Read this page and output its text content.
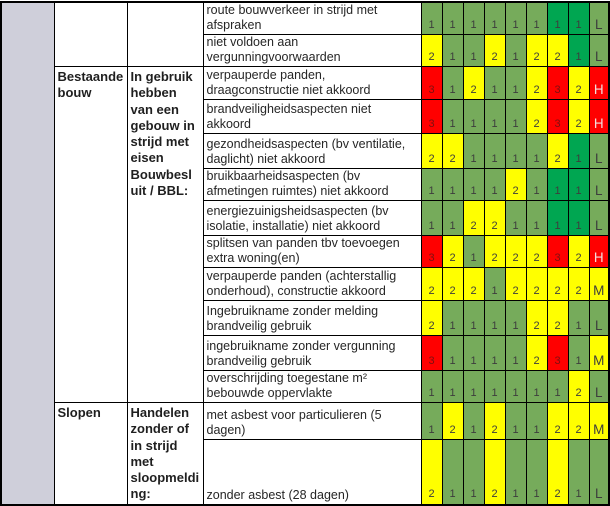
			route bouwverkeer in strijd met afspraken	1	1	1	1	1	1	1	1	L
			niet voldoen aan vergunningvoorwaarden	2	1	1	2	1	2	2	1	L
	Bestaande bouw	In gebruik hebben van een gebouw in strijd met eisen Bouwbesluit / BBL:	verpauperde panden, draagconstructie niet akkoord	3	1	2	1	1	2	3	2	H
			brandveiligheidsaspecten niet akkoord	3	1	1	1	1	2	3	2	H
			gezondheidsaspecten (bv ventilatie, daglicht) niet akkoord	2	2	1	1	1	1	2	1	L
			bruikbaarheidsaspecten (bv afmetingen ruimtes) niet akkoord	1	1	1	1	2	1	1	1	L
			energiezuinigsheidsaspecten (bv isolatie, installatie) niet akkoord	1	1	2	2	1	1	1	1	L
			splitsen van panden tbv toevoegen extra woning(en)	3	2	1	2	2	2	3	2	H
			verpauperde panden (achterstallig onderhoud), constructie akkoord	2	2	2	1	2	2	2	2	M
			Ingebruikname zonder melding brandveilig gebruik	2	1	1	1	1	2	2	1	L
			ingebruikname zonder vergunning brandveilig gebruik	3	1	1	1	1	2	3	1	M
			overschrijding toegestane m² bebouwde oppervlakte	1	1	1	1	1	1	1	2	L
	Slopen	Handelen zonder of in strijd met sloopmelding:	met asbest voor particulieren (5 dagen)	1	2	1	2	1	1	2	2	M
			zonder asbest (28 dagen)	2	1	1	2	1	1	2	1	L
